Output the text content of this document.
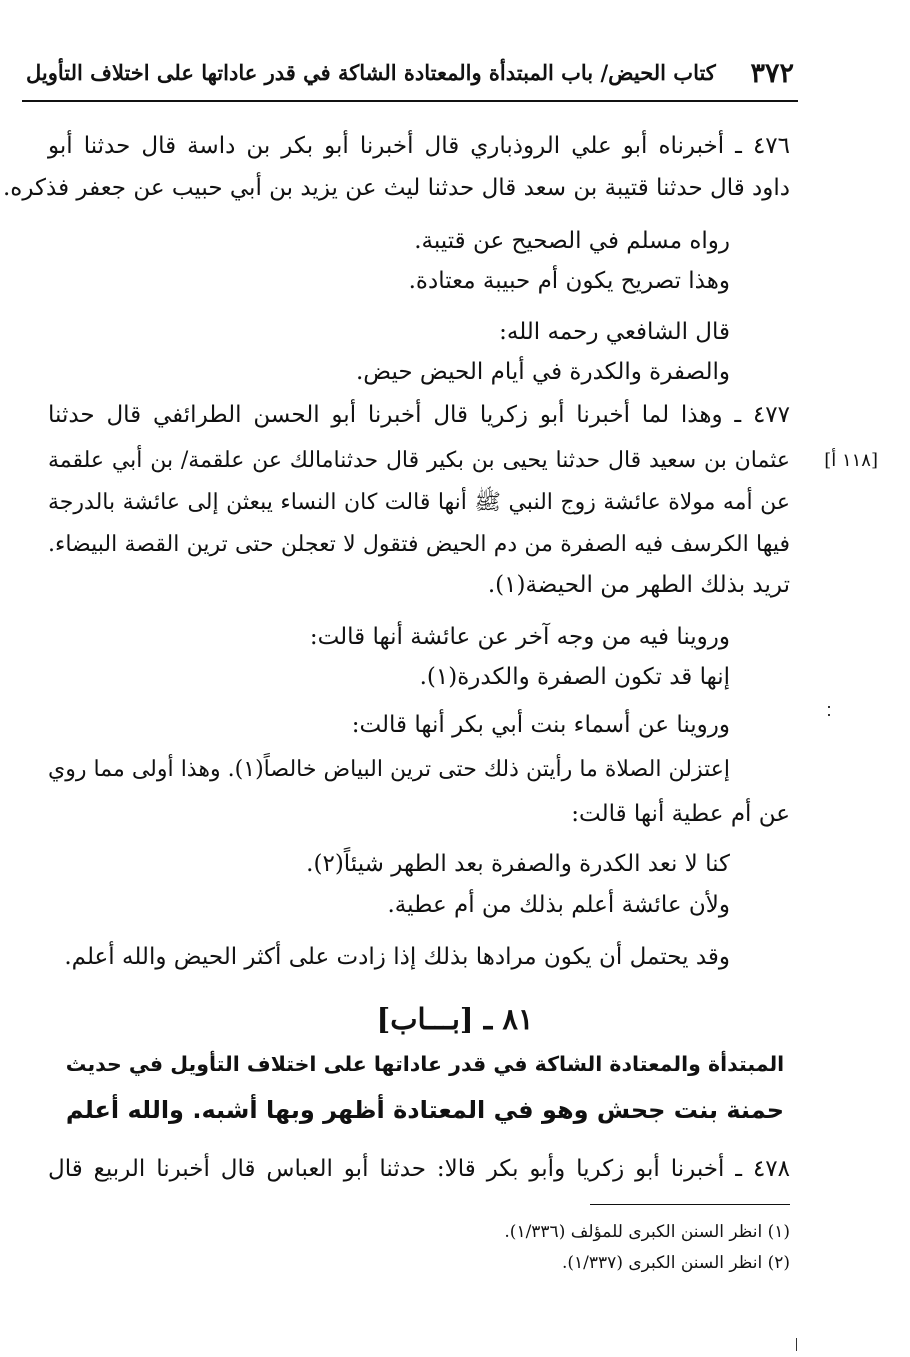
كتاب الحيض/ باب المبتدأة والمعتادة الشاكة في قدر عاداتها على اختلاف التأويل ٣٧٢
٤٧٦ ـ أخبرناه أبو علي الروذباري قال أخبرنا أبو بكر بن داسة قال حدثنا أبو
داود قال حدثنا قتيبة بن سعد قال حدثنا ليث عن يزيد بن أبي حبيب عن جعفر فذكره.
رواه مسلم في الصحيح عن قتيبة.
وهذا تصريح يكون أم حبيبة معتادة.
قال الشافعي رحمه الله:
والصفرة والكدرة في أيام الحيض حيض.
٤٧٧ ـ وهذا لما أخبرنا أبو زكريا قال أخبرنا أبو الحسن الطرائفي قال حدثنا
عثمان بن سعيد قال حدثنا يحيى بن بكير قال حدثنامالك عن علقمة/ بن أبي علقمة
عن أمه مولاة عائشة زوج النبي ﷺ أنها قالت كان النساء يبعثن إلى عائشة بالدرجة
فيها الكرسف فيه الصفرة من دم الحيض فتقول لا تعجلن حتى ترين القصة البيضاء.
تريد بذلك الطهر من الحيضة(١).
[١١٨ أ]
وروينا فيه من وجه آخر عن عائشة أنها قالت:
إنها قد تكون الصفرة والكدرة(١).
وروينا عن أسماء بنت أبي بكر أنها قالت:
إعتزلن الصلاة ما رأيتن ذلك حتى ترين البياض خالصاً(١). وهذا أولى مما روي
عن أم عطية أنها قالت:
كنا لا نعد الكدرة والصفرة بعد الطهر شيئاً(٢).
ولأن عائشة أعلم بذلك من أم عطية.
وقد يحتمل أن يكون مرادها بذلك إذا زادت على أكثر الحيض والله أعلم.
٨١ ـ [بـــاب]
المبتدأة والمعتادة الشاكة في قدر عاداتها على اختلاف التأويل في حديث
حمنة بنت جحش وهو في المعتادة أظهر وبها أشبه. والله أعلم
٤٧٨ ـ أخبرنا أبو زكريا وأبو بكر قالا: حدثنا أبو العباس قال أخبرنا الربيع قال
(١) انظر السنن الكبرى للمؤلف (١/٣٣٦).
(٢) انظر السنن الكبرى (١/٣٣٧).
